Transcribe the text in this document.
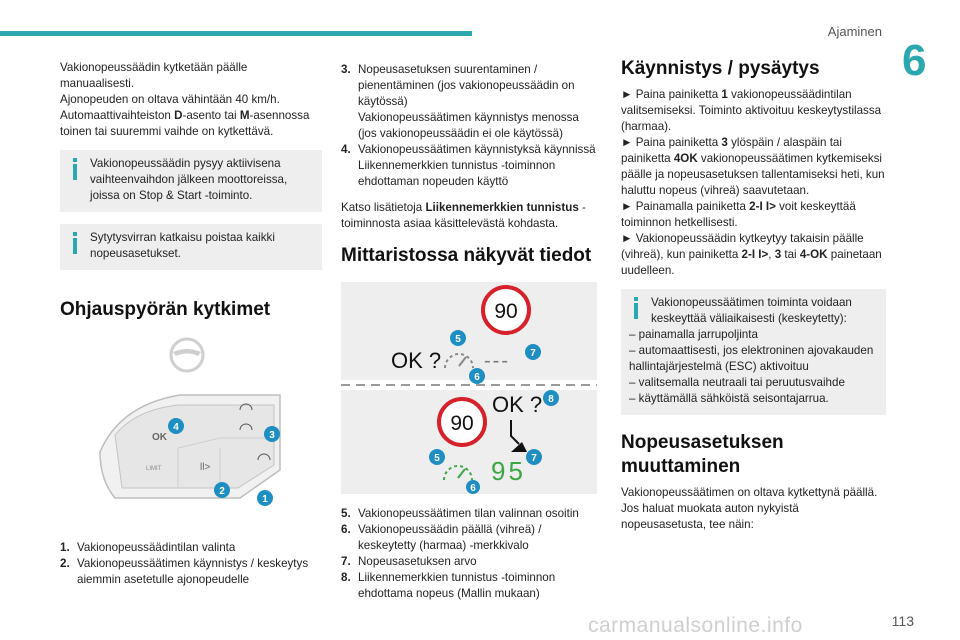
Ajaminen
6

Vakionopeussäädin kytketään päälle manuaalisesti.
Ajonopeuden on oltava vähintään 40 km/h.
Automaattivaihteiston D-asento tai M-asennossa toinen tai suuremmi vaihde on kytkettävä.

Vakionopeussäädin pysyy aktiivisena vaihteenvaihdon jälkeen moottoreissa, joissa on Stop & Start -toiminto.
Sytytysvirran katkaisu poistaa kaikki nopeusasetukset.
Ohjauspyörän kytkimet
OK
LIMIT	ll>
4
3
2
1
1. Vakionopeussäädintilan valinta
2. Vakionopeussäätimen käynnistys / keskeytys aiemmin asetetulle ajonopeudelle
3. Nopeusasetuksen suurentaminen / pienentäminen (jos vakionopeussäädin on käytössä)
Vakionopeussäätimen käynnistys menossa (jos vakionopeussäädin ei ole käytössä)
4. Vakionopeussäätimen käynnistyksä käynnissä Liikennemerkkien tunnistus -toiminnon ehdottaman nopeuden käyttö

Katso lisätietoja Liikennemerkkien tunnistus -toiminnosta asiaa käsittelevästä kohdasta.

Mittaristossa näkyvät tiedot
90
OK ? ---
5
6
7
90
OK ? 8
95
5
6
7
5. Vakionopeussäätimen tilan valinnan osoitin
6. Vakionopeussäädin päällä (vihreä) / keskeytetty (harmaa) -merkkivalo
7. Nopeusasetuksen arvo
8. Liikennemerkkien tunnistus -toiminnon ehdottama nopeus (Mallin mukaan)
Käynnistys / pysäytys

► Paina painiketta 1 vakionopeussäädintilan valitsemiseksi. Toiminto aktivoituu keskeytystilassa (harmaa).

► Paina painiketta 3 ylöspäin / alaspäin tai painiketta 4OK vakionopeussäätimen kytkemiseksi päälle ja nopeusasetuksen tallentamiseksi heti, kun haluttu nopeus (vihreä) saavutetaan.

► Painamalla painiketta 2-I I> voit keskeyttää toiminnon hetkellisesti.

► Vakionopeussäädin kytkeytyy takaisin päälle (vihreä), kun painiketta 2-I I>, 3 tai 4-OK painetaan uudelleen.

Vakionopeussäätimen toiminta voidaan keskeyttää väliaikaisesti (keskeytetty):
– painamalla jarrupoljinta
– automaattisesti, jos elektroninen ajovakauden hallintajärjestelmä (ESC) aktivoituu
– valitsemalla neutraali tai peruutusvaihde
– käyttämällä sähköistä seisontajarrua.
Nopeusasetuksen muuttaminen

Vakionopeussäätimen on oltava kytkettynä päällä.

Jos haluat muokata auton nykyistä nopeusasetusta, tee näin:

carmanualsonline.info	113
